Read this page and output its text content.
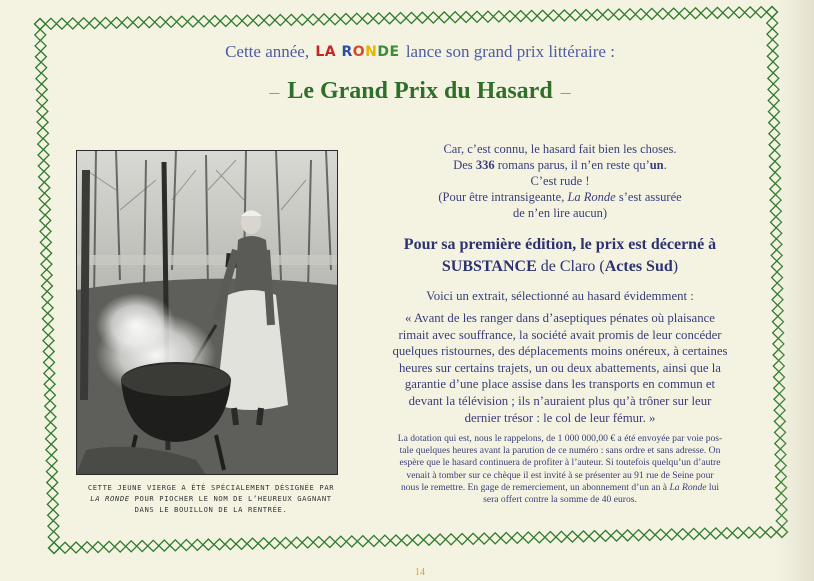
Cette année, LA RONDE lance son grand prix littéraire :
– Le Grand Prix du Hasard –
CETTE JEUNE VIERGE A ÉTÉ SPÉCIALEMENT DÉSIGNÉE PAR
LA RONDE POUR PIOCHER LE NOM DE L’HEUREUX GAGNANT
DANS LE BOUILLON DE LA RENTRÉE.
Car, c’est connu, le hasard fait bien les choses.
Des 336 romans parus, il n’en reste qu’un.
C’est rude !
(Pour être intransigeante, La Ronde s’est assurée
de n’en lire aucun)
Pour sa première édition, le prix est décerné à
SUBSTANCE de Claro (Actes Sud)
Voici un extrait, sélectionné au hasard évidemment :
« Avant de les ranger dans d’aseptiques pénates où plaisance
rimait avec souffrance, la société avait promis de leur concéder
quelques ristournes, des déplacements moins onéreux, à certaines
heures sur certains trajets, un ou deux abattements, ainsi que la
garantie d’une place assise dans les transports en commun et
devant la télévision ; ils n’auraient plus qu’à trôner sur leur
dernier trésor : le col de leur fémur. »
La dotation qui est, nous le rappelons, de 1 000 000,00 € a été envoyée par voie pos-
tale quelques heures avant la parution de ce numéro : sans ordre et sans adresse. On
espère que le hasard continuera de profiter à l’auteur. Si toutefois quelqu’un d’autre
venait à tomber sur ce chèque il est invité à se présenter au 91 rue de Seine pour
nous le remettre. En gage de remerciement, un abonnement d’un an à La Ronde lui
sera offert contre la somme de 40 euros.
14
